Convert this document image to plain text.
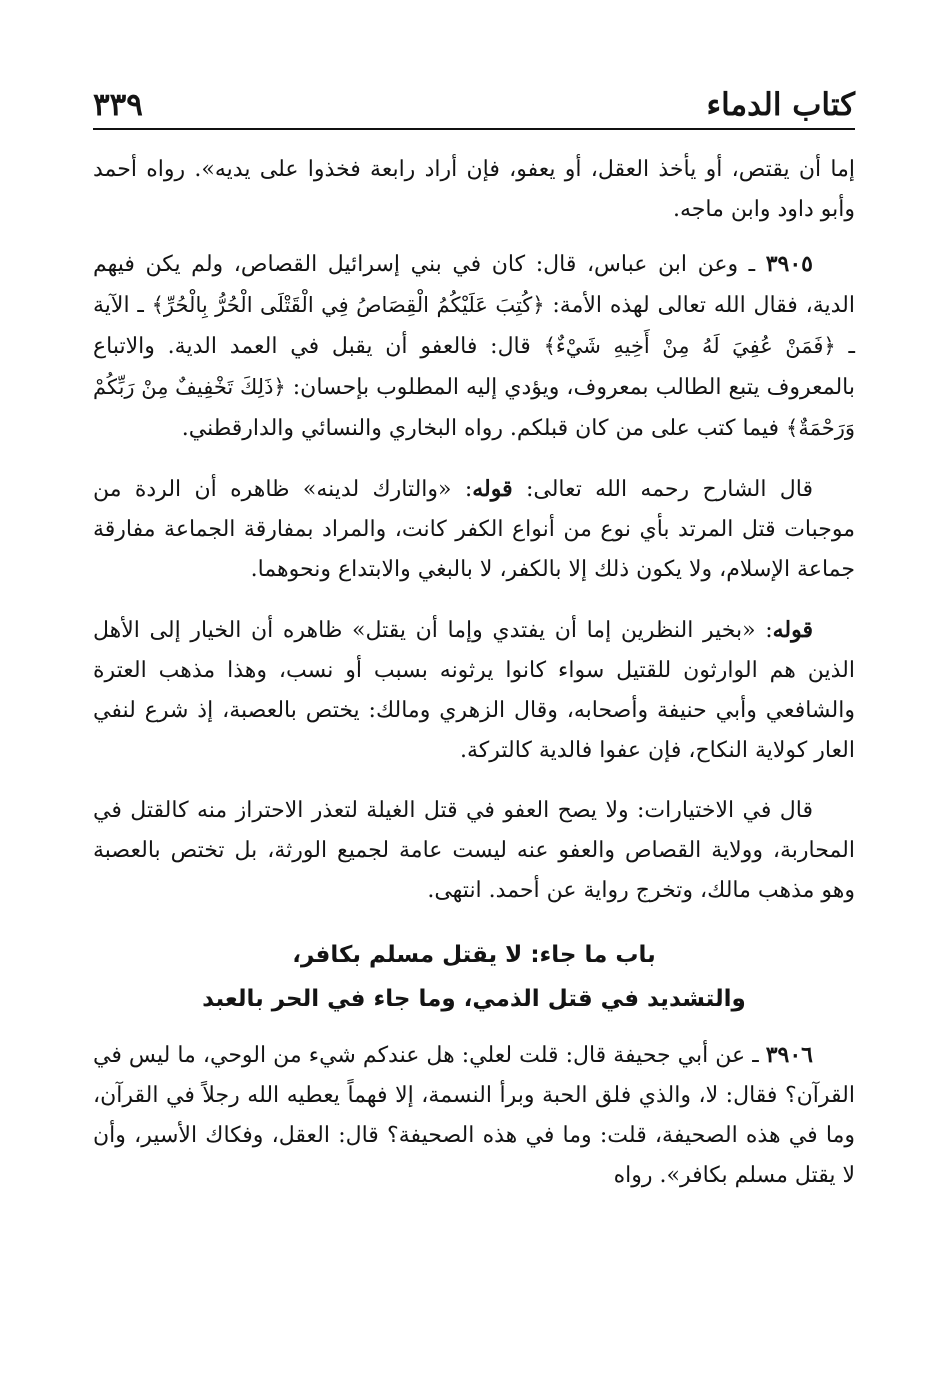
كتاب الدماء
٣٣٩

إما أن يقتص، أو يأخذ العقل، أو يعفو، فإن أراد رابعة فخذوا على يديه». رواه أحمد وأبو داود وابن ماجه.

٣٩٠٥ ـ وعن ابن عباس، قال: كان في بني إسرائيل القصاص، ولم يكن فيهم الدية، فقال الله تعالى لهذه الأمة: ﴿كُتِبَ عَلَيْكُمُ الْقِصَاصُ فِي الْقَتْلَى الْحُرُّ بِالْحُرِّ﴾ ـ الآية ـ ﴿فَمَنْ عُفِيَ لَهُ مِنْ أَخِيهِ شَيْءٌ﴾ قال: فالعفو أن يقبل في العمد الدية. والاتباع بالمعروف يتبع الطالب بمعروف، ويؤدي إليه المطلوب بإحسان: ﴿ذَلِكَ تَخْفِيفٌ مِنْ رَبِّكُمْ وَرَحْمَةٌ﴾ فيما كتب على من كان قبلكم. رواه البخاري والنسائي والدارقطني.

قال الشارح رحمه الله تعالى: قوله: «والتارك لدينه» ظاهره أن الردة من موجبات قتل المرتد بأي نوع من أنواع الكفر كانت، والمراد بمفارقة الجماعة مفارقة جماعة الإسلام، ولا يكون ذلك إلا بالكفر، لا بالبغي والابتداع ونحوهما.

قوله: «بخير النظرين إما أن يفتدي وإما أن يقتل» ظاهره أن الخيار إلى الأهل الذين هم الوارثون للقتيل سواء كانوا يرثونه بسبب أو نسب، وهذا مذهب العترة والشافعي وأبي حنيفة وأصحابه، وقال الزهري ومالك: يختص بالعصبة، إذ شرع لنفي العار كولاية النكاح، فإن عفوا فالدية كالتركة.

قال في الاختيارات: ولا يصح العفو في قتل الغيلة لتعذر الاحتراز منه كالقتل في المحاربة، وولاية القصاص والعفو عنه ليست عامة لجميع الورثة، بل تختص بالعصبة وهو مذهب مالك، وتخرج رواية عن أحمد. انتهى.

باب ما جاء: لا يقتل مسلم بكافر،
والتشديد في قتل الذمي، وما جاء في الحر بالعبد

٣٩٠٦ ـ عن أبي جحيفة قال: قلت لعلي: هل عندكم شيء من الوحي، ما ليس في القرآن؟ فقال: لا، والذي فلق الحبة وبرأ النسمة، إلا فهماً يعطيه الله رجلاً في القرآن، وما في هذه الصحيفة، قلت: وما في هذه الصحيفة؟ قال: العقل، وفكاك الأسير، وأن لا يقتل مسلم بكافر». رواه
